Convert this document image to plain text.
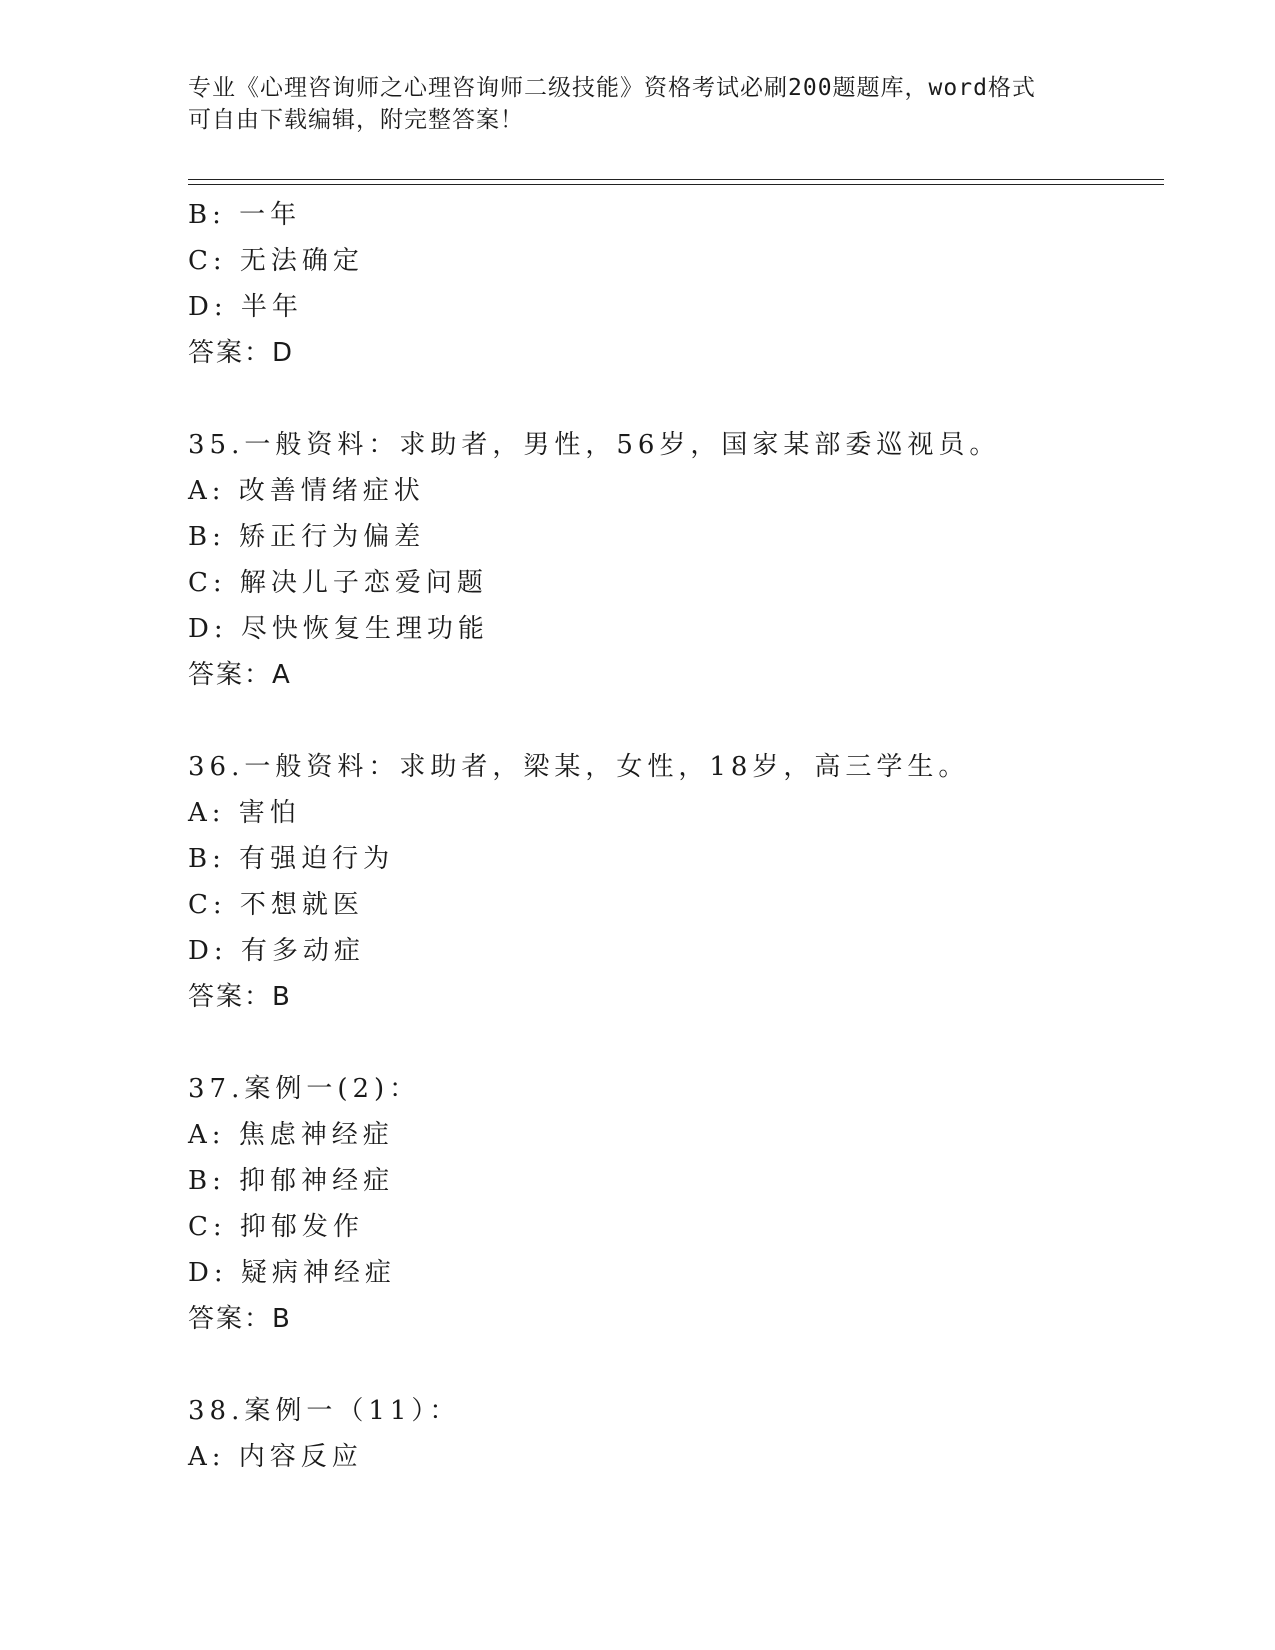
专业《心理咨询师之心理咨询师二级技能》资格考试必刷200题题库，word格式
可自由下载编辑，附完整答案！
B: 一年
C: 无法确定
D: 半年
答案：D
35.一般资料：求助者，男性，56岁，国家某部委巡视员。
A: 改善情绪症状
B: 矫正行为偏差
C: 解决儿子恋爱问题
D: 尽快恢复生理功能
答案：A
36.一般资料：求助者，梁某，女性，18岁，高三学生。
A: 害怕
B: 有强迫行为
C: 不想就医
D: 有多动症
答案：B
37.案例一(2)：
A: 焦虑神经症
B: 抑郁神经症
C: 抑郁发作
D: 疑病神经症
答案：B
38.案例一（11）：
A: 内容反应
